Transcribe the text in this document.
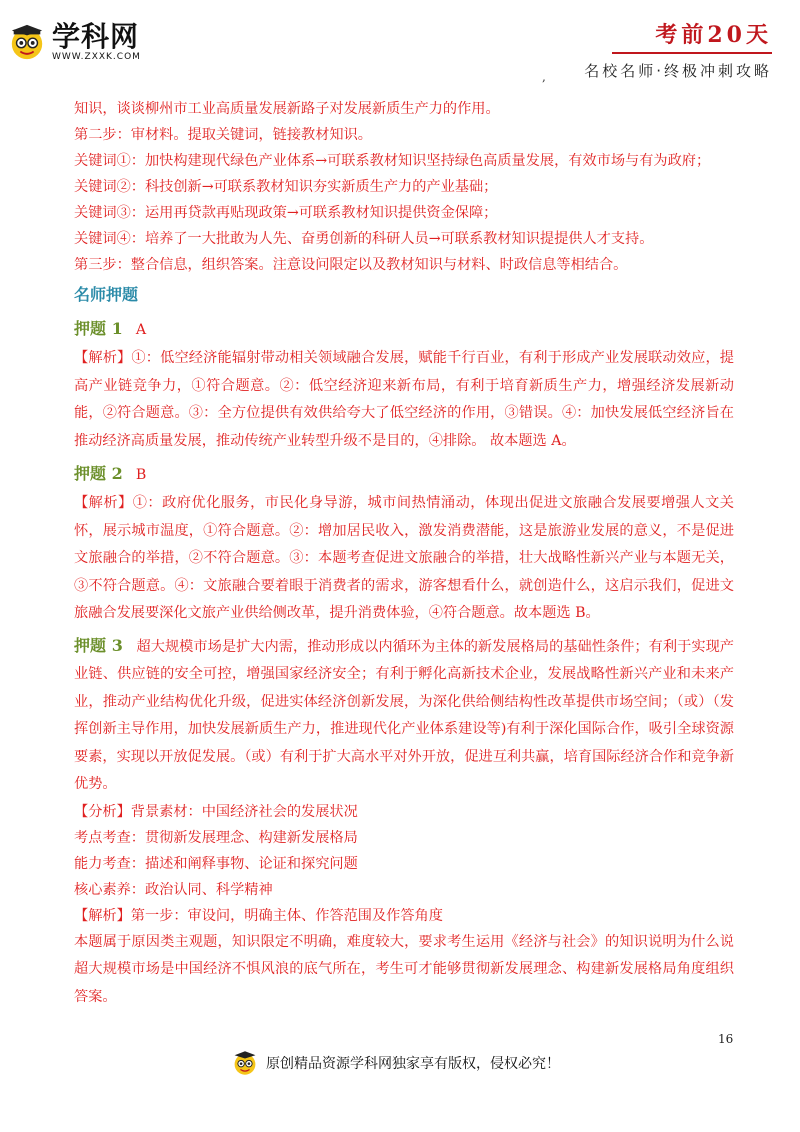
学科网
WWW.ZXXK.COM
考前20天
名校名师·终极冲刺攻略
,

知识，谈谈柳州市工业高质量发展新路子对发展新质生产力的作用。

第二步：审材料。提取关键词，链接教材知识。

关键词①：加快构建现代绿色产业体系→可联系教材知识坚持绿色高质量发展，有效市场与有为政府；

关键词②：科技创新→可联系教材知识夯实新质生产力的产业基础；

关键词③：运用再贷款再贴现政策→可联系教材知识提供资金保障；

关键词④：培养了一大批敢为人先、奋勇创新的科研人员→可联系教材知识提提供人才支持。

第三步：整合信息，组织答案。注意设问限定以及教材知识与材料、时政信息等相结合。

名师押题
押题 1 A

【解析】①：低空经济能辐射带动相关领域融合发展，赋能千行百业，有利于形成产业发展联动效应，提高产业链竞争力，①符合题意。②：低空经济迎来新布局，有利于培育新质生产力，增强经济发展新动能，②符合题意。③：全方位提供有效供给夸大了低空经济的作用，③错误。④：加快发展低空经济旨在推动经济高质量发展，推动传统产业转型升级不是目的，④排除。 故本题选 A。

押题 2 B

【解析】①：政府优化服务，市民化身导游，城市间热情涌动，体现出促进文旅融合发展要增强人文关怀，展示城市温度，①符合题意。②：增加居民收入，激发消费潜能，这是旅游业发展的意义，不是促进文旅融合的举措，②不符合题意。③：本题考查促进文旅融合的举措，壮大战略性新兴产业与本题无关，③不符合题意。④：文旅融合要着眼于消费者的需求，游客想看什么，就创造什么，这启示我们，促进文旅融合发展要深化文旅产业供给侧改革，提升消费体验，④符合题意。故本题选 B。

押题 3 超大规模市场是扩大内需，推动形成以内循环为主体的新发展格局的基础性条件；有利于实现产业链、供应链的安全可控，增强国家经济安全；有利于孵化高新技术企业，发展战略性新兴产业和未来产业，推动产业结构优化升级，促进实体经济创新发展，为深化供给侧结构性改革提供市场空间；（或）（发挥创新主导作用，加快发展新质生产力，推进现代化产业体系建设等)有利于深化国际合作，吸引全球资源要素，实现以开放促发展。（或）有利于扩大高水平对外开放，促进互利共赢，培育国际经济合作和竞争新优势。

【分析】背景素材：中国经济社会的发展状况

考点考查：贯彻新发展理念、构建新发展格局

能力考查：描述和阐释事物、论证和探究问题

核心素养：政治认同、科学精神

【解析】第一步：审设问，明确主体、作答范围及作答角度

本题属于原因类主观题，知识限定不明确，难度较大，要求考生运用《经济与社会》的知识说明为什么说超大规模市场是中国经济不惧风浪的底气所在，考生可才能够贯彻新发展理念、构建新发展格局角度组织答案。

16
原创精品资源学科网独家享有版权，侵权必究！
